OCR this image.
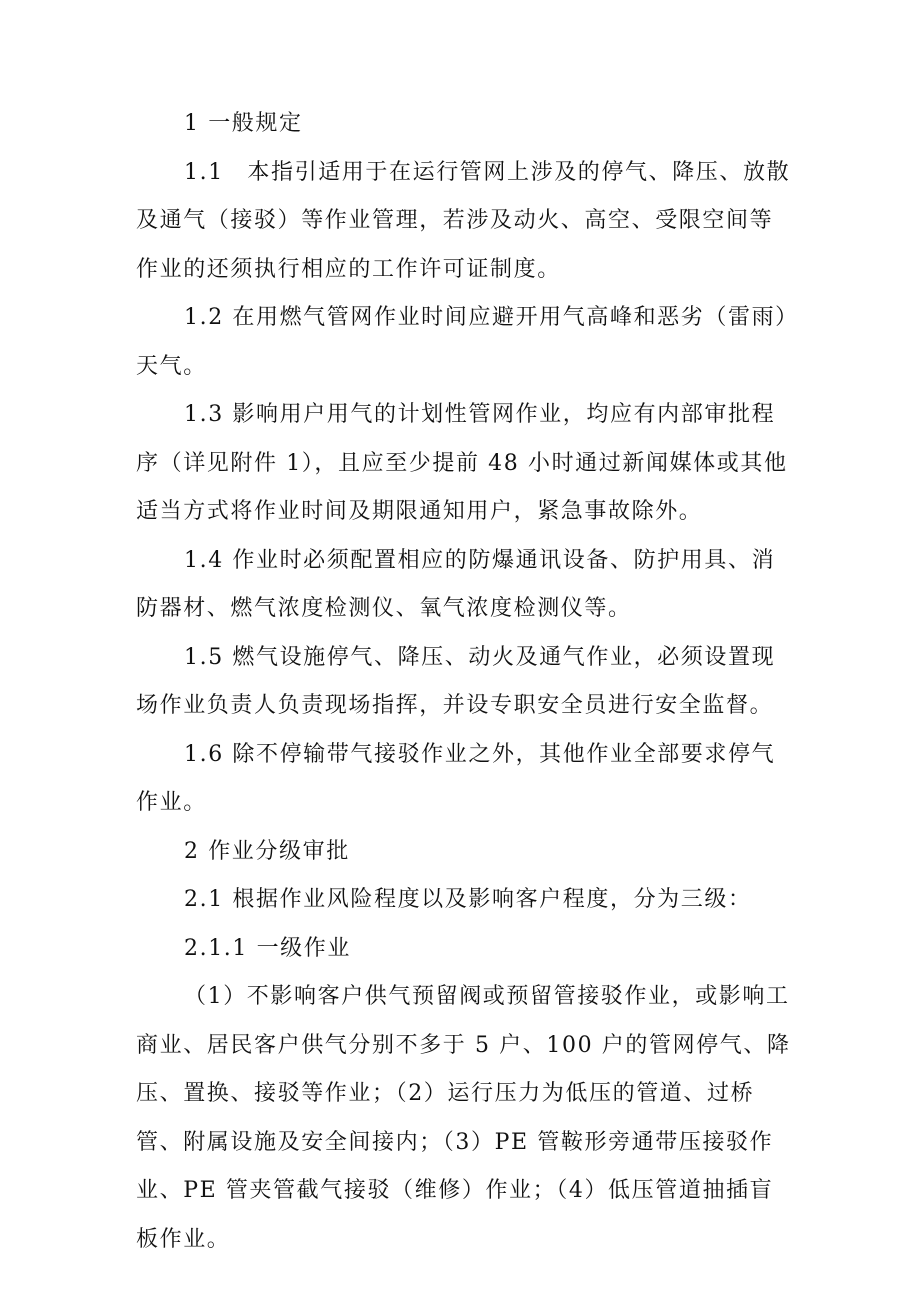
1 一般规定

1.1　本指引适用于在运行管网上涉及的停气、降压、放散及通气（接驳）等作业管理，若涉及动火、高空、受限空间等作业的还须执行相应的工作许可证制度。

1.2 在用燃气管网作业时间应避开用气高峰和恶劣（雷雨）天气。

1.3 影响用户用气的计划性管网作业，均应有内部审批程序（详见附件 1），且应至少提前 48 小时通过新闻媒体或其他适当方式将作业时间及期限通知用户，紧急事故除外。

1.4 作业时必须配置相应的防爆通讯设备、防护用具、消防器材、燃气浓度检测仪、氧气浓度检测仪等。

1.5 燃气设施停气、降压、动火及通气作业，必须设置现场作业负责人负责现场指挥，并设专职安全员进行安全监督。

1.6 除不停输带气接驳作业之外，其他作业全部要求停气作业。

2 作业分级审批

2.1 根据作业风险程度以及影响客户程度，分为三级：

2.1.1 一级作业

（1）不影响客户供气预留阀或预留管接驳作业，或影响工商业、居民客户供气分别不多于 5 户、100 户的管网停气、降压、置换、接驳等作业；（2）运行压力为低压的管道、过桥管、附属设施及安全间接内；（3）PE 管鞍形旁通带压接驳作业、PE 管夹管截气接驳（维修）作业；（4）低压管道抽插盲板作业。
